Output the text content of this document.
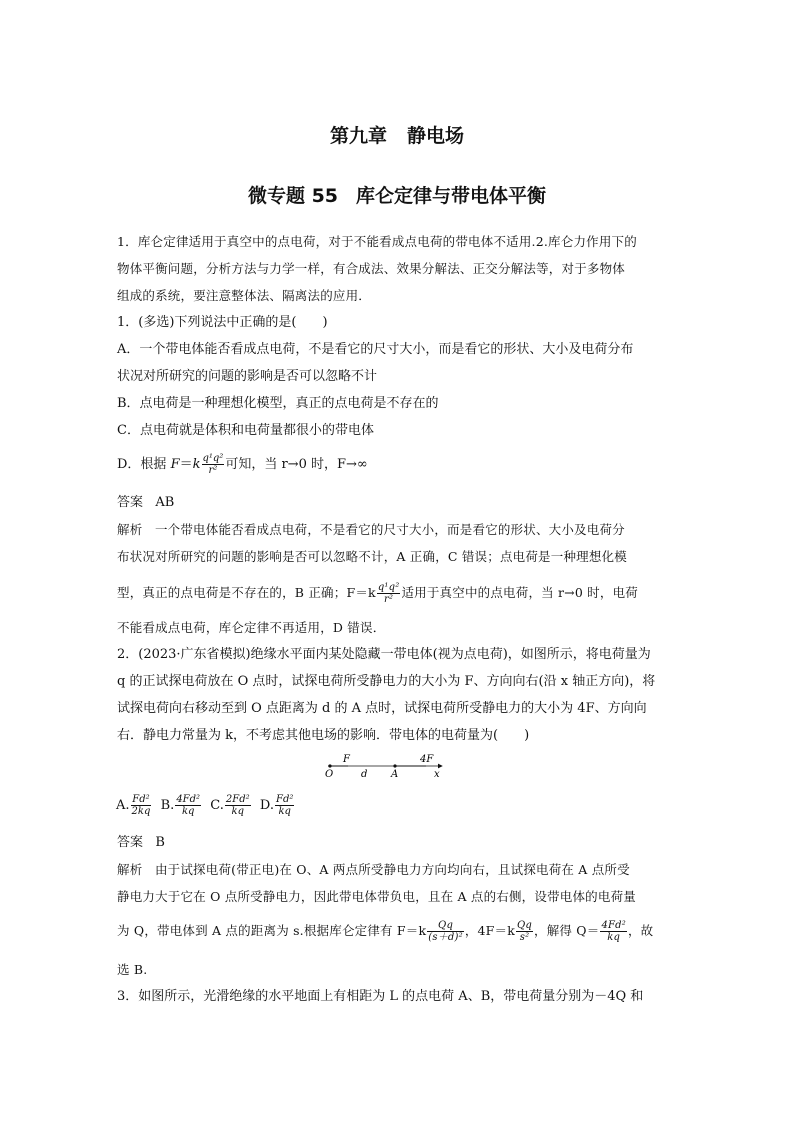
第九章 静电场
微专题 55 库仑定律与带电体平衡
1．库仑定律适用于真空中的点电荷，对于不能看成点电荷的带电体不适用.2.库仑力作用下的
物体平衡问题，分析方法与力学一样，有合成法、效果分解法、正交分解法等，对于多物体
组成的系统，要注意整体法、隔离法的应用．
1．(多选)下列说法中正确的是(　　)
A．一个带电体能否看成点电荷，不是看它的尺寸大小，而是看它的形状、大小及电荷分布
状况对所研究的问题的影响是否可以忽略不计
B．点电荷是一种理想化模型，真正的点电荷是不存在的
C．点电荷就是体积和电荷量都很小的带电体
D．根据 $F=k \frac{\text{q¹q²}}{\text{r²}}$ 可知，当 r→0 时，F→∞
答案 AB
解析 一个带电体能否看成点电荷，不是看它的尺寸大小，而是看它的形状、大小及电荷分
布状况对所研究的问题的影响是否可以忽略不计，A 正确，C 错误；点电荷是一种理想化模
型，真正的点电荷是不存在的，B 正确；$F=k \frac{\text{q¹q²}}{\text{r²}}$ 适用于真空中的点电荷，当 r→0 时，电荷
不能看成点电荷，库仑定律不再适用，D 错误．
2．(2023·广东省模拟)绝缘水平面内某处隐藏一带电体(视为点电荷)，如图所示，将电荷量为
q 的正试探电荷放在 O 点时，试探电荷所受静电力的大小为 F、方向向右(沿 x 轴正方向)，将
试探电荷向右移动至到 O 点距离为 d 的 A 点时，试探电荷所受静电力的大小为 4F、方向向
右．静电力常量为 k，不考虑其他电场的影响．带电体的电荷量为(　　)
O
F
d A
4F
x
A. $\frac{\text{Fd²}}{2kq} B$. $\frac{\text{4Fd²}}{kq} C$. $\frac{\text{2Fd²}}{kq} D$. $\frac{\text{Fd²}}{kq}$
答案 B
解析 由于试探电荷(带正电)在 O、A 两点所受静电力方向均向右，且试探电荷在 A 点所受
静电力大于它在 O 点所受静电力，因此带电体带负电，且在 A 点的右侧，设带电体的电荷量
为 Q，带电体到 A 点的距离为 s.根据库仑定律有 $F=k \frac{Qq}{\text{(s＋d)²}}$ ，$4F=k \frac{Qq}{\text{s²}}$ ，解得 $Q= \frac{\text{4Fd²}}{kq}$ ，故
选 B.
3．如图所示，光滑绝缘的水平地面上有相距为 L 的点电荷 A、B，带电荷量分别为－4Q 和
